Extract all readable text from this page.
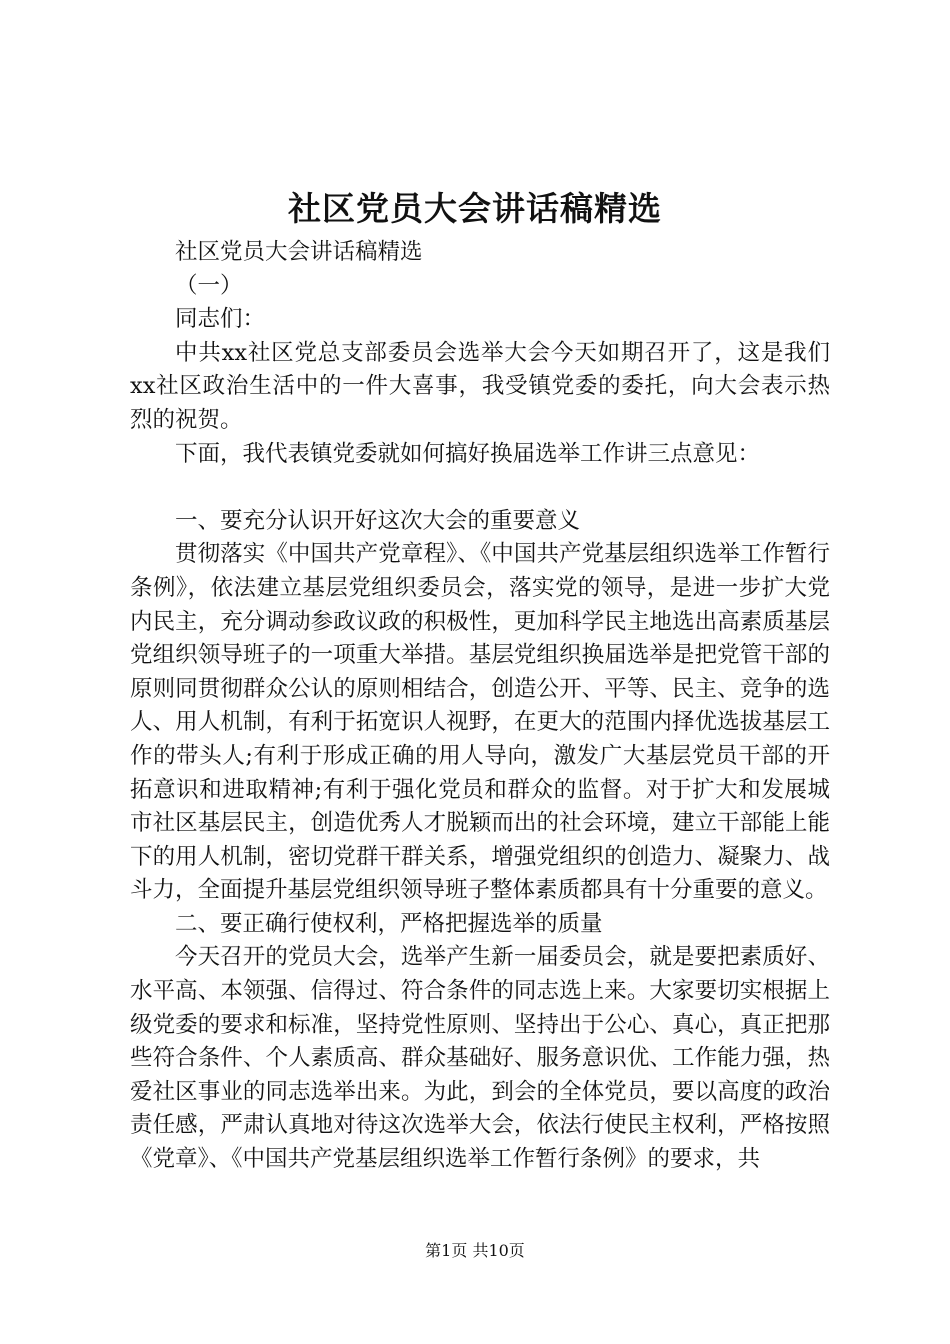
社区党员大会讲话稿精选

社区党员大会讲话稿精选

（一）

同志们：

中共xx社区党总支部委员会选举大会今天如期召开了，这是我们xx社区政治生活中的一件大喜事，我受镇党委的委托，向大会表示热烈的祝贺。

下面，我代表镇党委就如何搞好换届选举工作讲三点意见：

一、要充分认识开好这次大会的重要意义

贯彻落实《中国共产党章程》、《中国共产党基层组织选举工作暂行条例》，依法建立基层党组织委员会，落实党的领导，是进一步扩大党内民主，充分调动参政议政的积极性，更加科学民主地选出高素质基层党组织领导班子的一项重大举措。基层党组织换届选举是把党管干部的原则同贯彻群众公认的原则相结合，创造公开、平等、民主、竞争的选人、用人机制，有利于拓宽识人视野，在更大的范围内择优选拔基层工作的带头人;有利于形成正确的用人导向，激发广大基层党员干部的开拓意识和进取精神;有利于强化党员和群众的监督。对于扩大和发展城市社区基层民主，创造优秀人才脱颖而出的社会环境，建立干部能上能下的用人机制，密切党群干群关系，增强党组织的创造力、凝聚力、战斗力，全面提升基层党组织领导班子整体素质都具有十分重要的意义。

二、要正确行使权利，严格把握选举的质量

今天召开的党员大会，选举产生新一届委员会，就是要把素质好、水平高、本领强、信得过、符合条件的同志选上来。大家要切实根据上级党委的要求和标准，坚持党性原则、坚持出于公心、真心，真正把那些符合条件、个人素质高、群众基础好、服务意识优、工作能力强，热爱社区事业的同志选举出来。为此，到会的全体党员，要以高度的政治责任感，严肃认真地对待这次选举大会，依法行使民主权利，严格按照《党章》、《中国共产党基层组织选举工作暂行条例》的要求，共

第1页 共10页
